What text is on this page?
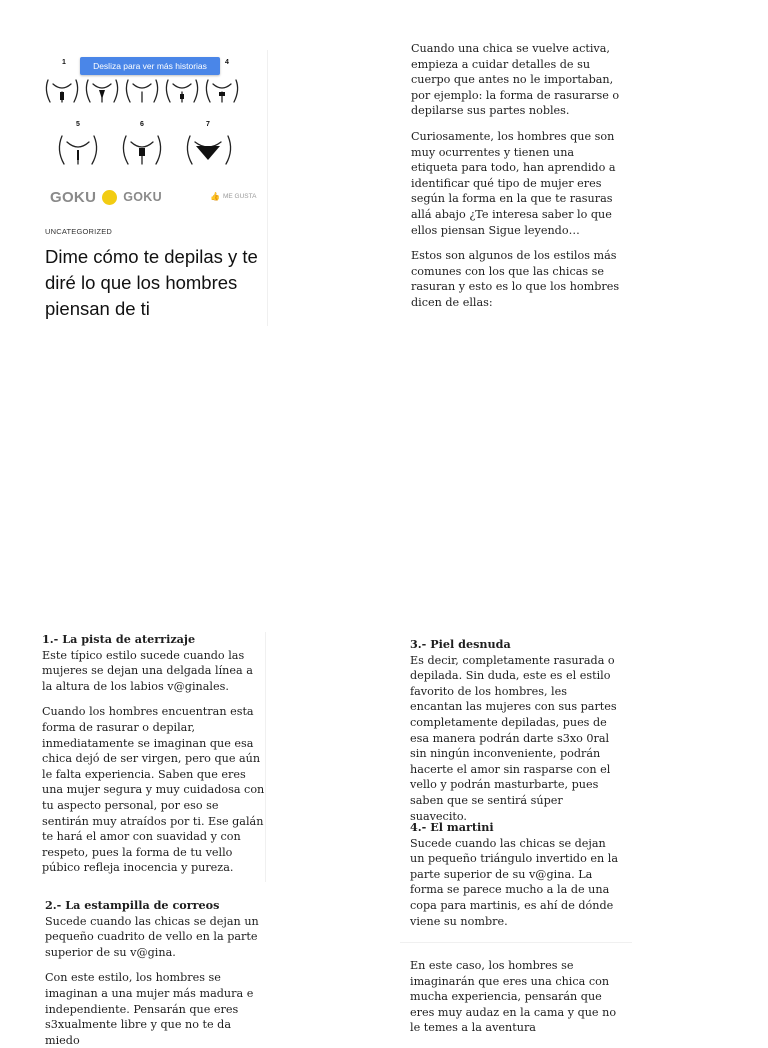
1	4
5	6	7
Desliza para ver más historias
GOKU GOKU	👍 ME GUSTA
UNCATEGORIZED
Dime cómo te depilas y te diré lo que los hombres piensan de ti

Cuando una chica se vuelve activa, empieza a cuidar detalles de su cuerpo que antes no le importaban, por ejemplo: la forma de rasurarse o depilarse sus partes nobles.

Curiosamente, los hombres que son muy ocurrentes y tienen una etiqueta para todo, han aprendido a identificar qué tipo de mujer eres según la forma en la que te rasuras allá abajo ¿Te interesa saber lo que ellos piensan Sigue leyendo…

Estos son algunos de los estilos más comunes con los que las chicas se rasuran y esto es lo que los hombres dicen de ellas:

1.- La pista de aterrizaje

Este típico estilo sucede cuando las mujeres se dejan una delgada línea a la altura de los labios v@ginales.

Cuando los hombres encuentran esta forma de rasurar o depilar, inmediatamente se imaginan que esa chica dejó de ser virgen, pero que aún le falta experiencia. Saben que eres una mujer segura y muy cuidadosa con tu aspecto personal, por eso se sentirán muy atraídos por ti. Ese galán te hará el amor con suavidad y con respeto, pues la forma de tu vello púbico refleja inocencia y pureza.

2.- La estampilla de correos

Sucede cuando las chicas se dejan un pequeño cuadrito de vello en la parte superior de su v@gina.

Con este estilo, los hombres se imaginan a una mujer más madura e independiente. Pensarán que eres s3xualmente libre y que no te da miedo

3.- Piel desnuda

Es decir, completamente rasurada o depilada. Sin duda, este es el estilo favorito de los hombres, les encantan las mujeres con sus partes completamente depiladas, pues de esa manera podrán darte s3xo 0ral sin ningún inconveniente, podrán hacerte el amor sin rasparse con el vello y podrán masturbarte, pues saben que se sentirá súper suavecito.

4.- El martini

Sucede cuando las chicas se dejan un pequeño triángulo invertido en la parte superior de su v@gina. La forma se parece mucho a la de una copa para martinis, es ahí de dónde viene su nombre.

En este caso, los hombres se imaginarán que eres una chica con mucha experiencia, pensarán que eres muy audaz en la cama y que no le temes a la aventura
